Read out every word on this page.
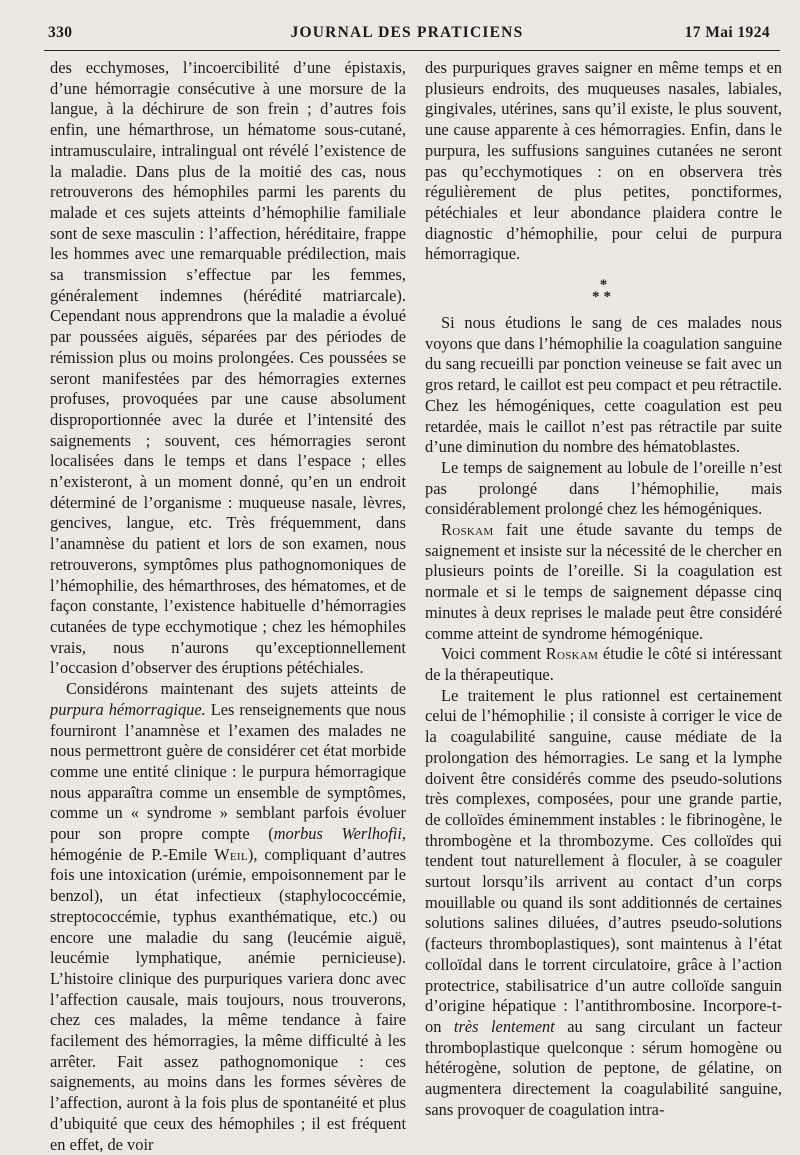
330	JOURNAL DES PRATICIENS	17 Mai 1924

des ecchymoses, l’incoercibilité d’une épistaxis, d’une hémorragie consécutive à une morsure de la langue, à la déchirure de son frein ; d’autres fois enfin, une hémarthrose, un hématome sous-cutané, intramusculaire, intralingual ont révélé l’existence de la maladie. Dans plus de la moitié des cas, nous retrouverons des hémophiles parmi les parents du malade et ces sujets atteints d’hémophilie familiale sont de sexe masculin : l’affection, héréditaire, frappe les hommes avec une remarquable prédilection, mais sa transmission s’effectue par les femmes, généralement indemnes (hérédité matriarcale). Cependant nous apprendrons que la maladie a évolué par poussées aiguës, séparées par des périodes de rémission plus ou moins prolongées. Ces poussées se seront manifestées par des hémorragies externes profuses, provoquées par une cause absolument disproportionnée avec la durée et l’intensité des saignements ; souvent, ces hémorragies seront localisées dans le temps et dans l’espace ; elles n’existeront, à un moment donné, qu’en un endroit déterminé de l’organisme : muqueuse nasale, lèvres, gencives, langue, etc. Très fréquemment, dans l’anamnèse du patient et lors de son examen, nous retrouverons, symptômes plus pathognomoniques de l’hémophilie, des hémarthroses, des hématomes, et de façon constante, l’existence habituelle d’hémorragies cutanées de type ecchymotique ; chez les hémophiles vrais, nous n’aurons qu’exceptionnellement l’occasion d’observer des éruptions pétéchiales.

Considérons maintenant des sujets atteints de purpura hémorragique. Les renseignements que nous fourniront l’anamnèse et l’examen des malades ne nous permettront guère de considérer cet état morbide comme une entité clinique : le purpura hémorragique nous apparaîtra comme un ensemble de symptômes, comme un « syndrome » semblant parfois évoluer pour son propre compte (morbus Werlhofii, hémogénie de P.-Emile Weil), compliquant d’autres fois une intoxication (urémie, empoisonnement par le benzol), un état infectieux (staphylococcémie, streptococcémie, typhus exanthématique, etc.) ou encore une maladie du sang (leucémie aiguë, leucémie lymphatique, anémie pernicieuse). L’histoire clinique des purpuriques variera donc avec l’affection causale, mais toujours, nous trouverons, chez ces malades, la même tendance à faire facilement des hémorragies, la même difficulté à les arrêter. Fait assez pathognomonique : ces saignements, au moins dans les formes sévères de l’affection, auront à la fois plus de spontanéité et plus d’ubiquité que ceux des hémophiles ; il est fréquent en effet, de voir

des purpuriques graves saigner en même temps et en plusieurs endroits, des muqueuses nasales, labiales, gingivales, utérines, sans qu’il existe, le plus souvent, une cause apparente à ces hémorragies. Enfin, dans le purpura, les suffusions sanguines cutanées ne seront pas qu’ecchymotiques : on en observera très régulièrement de plus petites, ponctiformes, pétéchiales et leur abondance plaidera contre le diagnostic d’hémophilie, pour celui de purpura hémorragique.

*
**

Si nous étudions le sang de ces malades nous voyons que dans l’hémophilie la coagulation sanguine du sang recueilli par ponction veineuse se fait avec un gros retard, le caillot est peu compact et peu rétractile. Chez les hémogéniques, cette coagulation est peu retardée, mais le caillot n’est pas rétractile par suite d’une diminution du nombre des hématoblastes.

Le temps de saignement au lobule de l’oreille n’est pas prolongé dans l’hémophilie, mais considérablement prolongé chez les hémogéniques.

Roskam fait une étude savante du temps de saignement et insiste sur la nécessité de le chercher en plusieurs points de l’oreille. Si la coagulation est normale et si le temps de saignement dépasse cinq minutes à deux reprises le malade peut être considéré comme atteint de syndrome hémogénique.

Voici comment Roskam étudie le côté si intéressant de la thérapeutique.

Le traitement le plus rationnel est certainement celui de l’hémophilie ; il consiste à corriger le vice de la coagulabilité sanguine, cause médiate de la prolongation des hémorragies. Le sang et la lymphe doivent être considérés comme des pseudo-solutions très complexes, composées, pour une grande partie, de colloïdes éminemment instables : le fibrinogène, le thrombogène et la thrombozyme. Ces colloïdes qui tendent tout naturellement à floculer, à se coaguler surtout lorsqu’ils arrivent au contact d’un corps mouillable ou quand ils sont additionnés de certaines solutions salines diluées, d’autres pseudo-solutions (facteurs thromboplastiques), sont maintenus à l’état colloïdal dans le torrent circulatoire, grâce à l’action protectrice, stabilisatrice d’un autre colloïde sanguin d’origine hépatique : l’antithrombosine. Incorpore-t-on très lentement au sang circulant un facteur thromboplastique quelconque : sérum homogène ou hétérogène, solution de peptone, de gélatine, on augmentera directement la coagulabilité sanguine, sans provoquer de coagulation intra-
